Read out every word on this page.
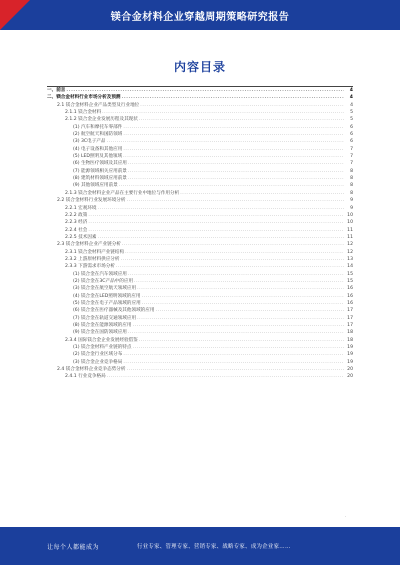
镁合金材料企业穿越周期策略研究报告
内容目录
一、前言 .....	4
二、镁合金材料行业市场分析及预测 .....	4
2.1 镁合金材料企业产品类型及行业地位 .....	4
2.1.1 镁合金材料 .....	5
2.1.2 镁合金企业发展历程及其现状 .....	5
(1) 汽车和摩托车零部件 .....	6
(2) 航空航天和国防领域 .....	6
(3) 3C电子产品 .....	6
(4) 电子设备和其他应用 .....	7
(5) LED照明及其他领域 .....	7
(6) 生物医疗领域及其应用 .....	7
(7) 能源领域相关应用前景 .....	8
(8) 建筑材料领域应用前景 .....	8
(9) 其他领域应用前景 .....	8
2.1.3 镁合金材料企业产品在主要行业中地位与作用分析 .....	8
2.2 镁合金材料行业发展环境分析 .....	9
2.2.1 宏观环境 .....	9
2.2.2 政策 .....	10
2.2.3 经济 .....	10
2.2.4 社会 .....	11
2.2.5 技术因素 .....	11
2.3 镁合金材料企业产业链分析 .....	12
2.3.1 镁合金材料产业链结构 .....	12
2.3.2 上游原材料供应分析 .....	13
2.3.3 下游需求市场分析 .....	14
(1) 镁合金在汽车领域应用 .....	15
(2) 镁合金在3C产品中的应用 .....	15
(3) 镁合金在航空航天领域应用 .....	16
(4) 镁合金在LED照明领域的应用 .....	16
(5) 镁合金在电子产品领域的应用 .....	16
(6) 镁合金在医疗器械及其他领域的应用 .....	17
(7) 镁合金在轨道交通领域应用 .....	17
(8) 镁合金在能源领域的应用 .....	17
(9) 镁合金在国防领域应用 .....	18
2.3.4 国际镁合金企业发展经验借鉴 .....	18
(1) 镁合金材料产业链的特点 .....	19
(2) 镁合金行业区域分布 .....	19
(3) 镁合金企业竞争格局 .....	19
2.4 镁合金材料企业竞争态势分析 .....	20
2.4.1 行业竞争格局 .....	20
·
让每个人都能成为	行业专家、管理专家、营销专家、战略专家、成为企业家……
